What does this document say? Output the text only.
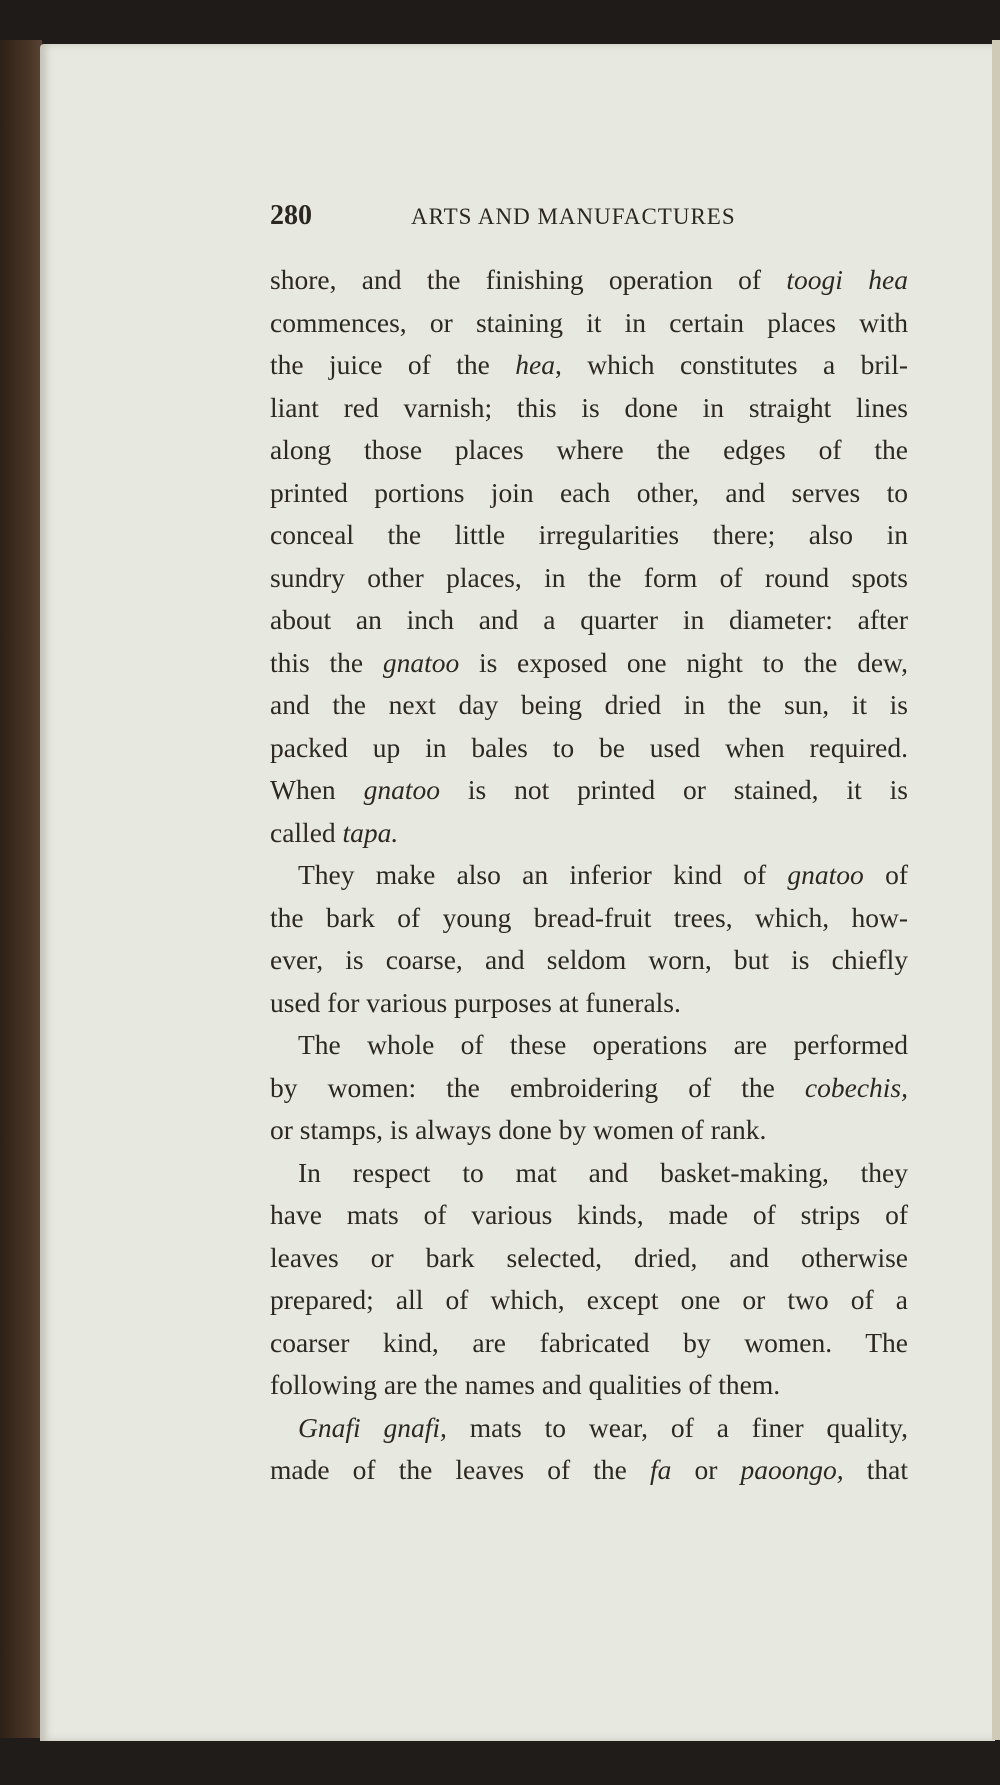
280	ARTS AND MANUFACTURES
shore, and the finishing operation of toogi hea
commences, or staining it in certain places with
the juice of the hea, which constitutes a bril-
liant red varnish; this is done in straight lines
along those places where the edges of the
printed portions join each other, and serves to
conceal the little irregularities there; also in
sundry other places, in the form of round spots
about an inch and a quarter in diameter: after
this the gnatoo is exposed one night to the dew,
and the next day being dried in the sun, it is
packed up in bales to be used when required.
When gnatoo is not printed or stained, it is
called tapa.
They make also an inferior kind of gnatoo of
the bark of young bread-fruit trees, which, how-
ever, is coarse, and seldom worn, but is chiefly
used for various purposes at funerals.
The whole of these operations are performed
by women: the embroidering of the cobechis,
or stamps, is always done by women of rank.
In respect to mat and basket-making, they
have mats of various kinds, made of strips of
leaves or bark selected, dried, and otherwise
prepared; all of which, except one or two of a
coarser kind, are fabricated by women. The
following are the names and qualities of them.
Gnafi gnafi, mats to wear, of a finer quality,
made of the leaves of the fa or paoongo, that
